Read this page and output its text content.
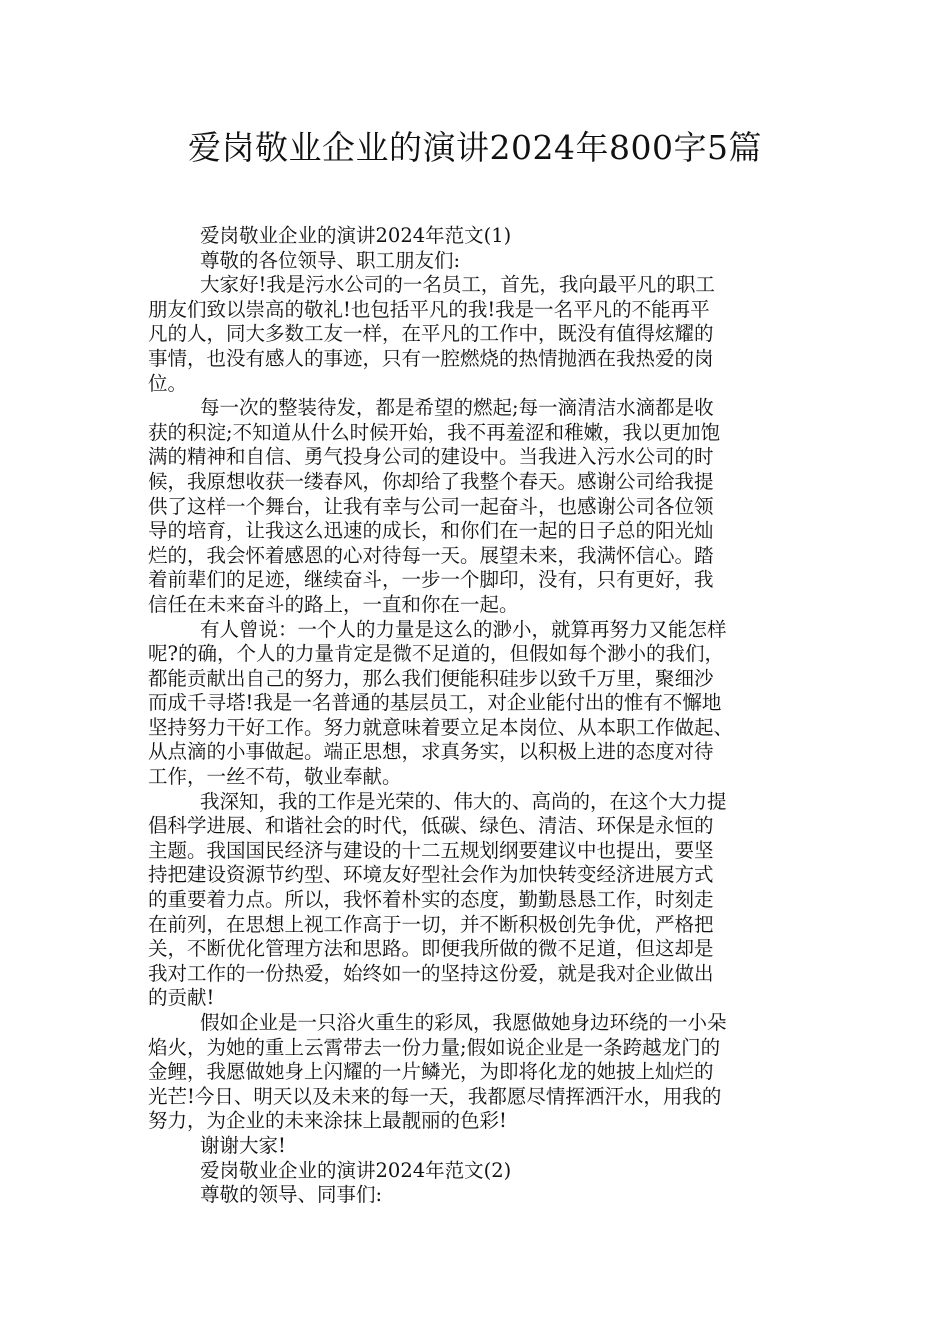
爱岗敬业企业的演讲2024年800字5篇
爱岗敬业企业的演讲2024年范文(1)
尊敬的各位领导、职工朋友们:
大家好!我是污水公司的一名员工，首先，我向最平凡的职工
朋友们致以崇高的敬礼!也包括平凡的我!我是一名平凡的不能再平
凡的人，同大多数工友一样，在平凡的工作中，既没有值得炫耀的
事情，也没有感人的事迹，只有一腔燃烧的热情抛洒在我热爱的岗
位。
每一次的整装待发，都是希望的燃起;每一滴清洁水滴都是收
获的积淀;不知道从什么时候开始，我不再羞涩和稚嫩，我以更加饱
满的精神和自信、勇气投身公司的建设中。当我进入污水公司的时
候，我原想收获一缕春风，你却给了我整个春天。感谢公司给我提
供了这样一个舞台，让我有幸与公司一起奋斗，也感谢公司各位领
导的培育，让我这么迅速的成长，和你们在一起的日子总的阳光灿
烂的，我会怀着感恩的心对待每一天。展望未来，我满怀信心。踏
着前辈们的足迹，继续奋斗，一步一个脚印，没有，只有更好，我
信任在未来奋斗的路上，一直和你在一起。
有人曾说：一个人的力量是这么的渺小，就算再努力又能怎样
呢?的确，个人的力量肯定是微不足道的，但假如每个渺小的我们，
都能贡献出自己的努力，那么我们便能积硅步以致千万里，聚细沙
而成千寻塔!我是一名普通的基层员工，对企业能付出的惟有不懈地
坚持努力干好工作。努力就意味着要立足本岗位、从本职工作做起、
从点滴的小事做起。端正思想，求真务实，以积极上进的态度对待
工作，一丝不苟，敬业奉献。
我深知，我的工作是光荣的、伟大的、高尚的，在这个大力提
倡科学进展、和谐社会的时代，低碳、绿色、清洁、环保是永恒的
主题。我国国民经济与建设的十二五规划纲要建议中也提出，要坚
持把建设资源节约型、环境友好型社会作为加快转变经济进展方式
的重要着力点。所以，我怀着朴实的态度，勤勤恳恳工作，时刻走
在前列，在思想上视工作高于一切，并不断积极创先争优，严格把
关，不断优化管理方法和思路。即便我所做的微不足道，但这却是
我对工作的一份热爱，始终如一的坚持这份爱，就是我对企业做出
的贡献!
假如企业是一只浴火重生的彩凤，我愿做她身边环绕的一小朵
焰火，为她的重上云霄带去一份力量;假如说企业是一条跨越龙门的
金鲤，我愿做她身上闪耀的一片鳞光，为即将化龙的她披上灿烂的
光芒!今日、明天以及未来的每一天，我都愿尽情挥洒汗水，用我的
努力，为企业的未来涂抹上最靓丽的色彩!
谢谢大家!
爱岗敬业企业的演讲2024年范文(2)
尊敬的领导、同事们:
